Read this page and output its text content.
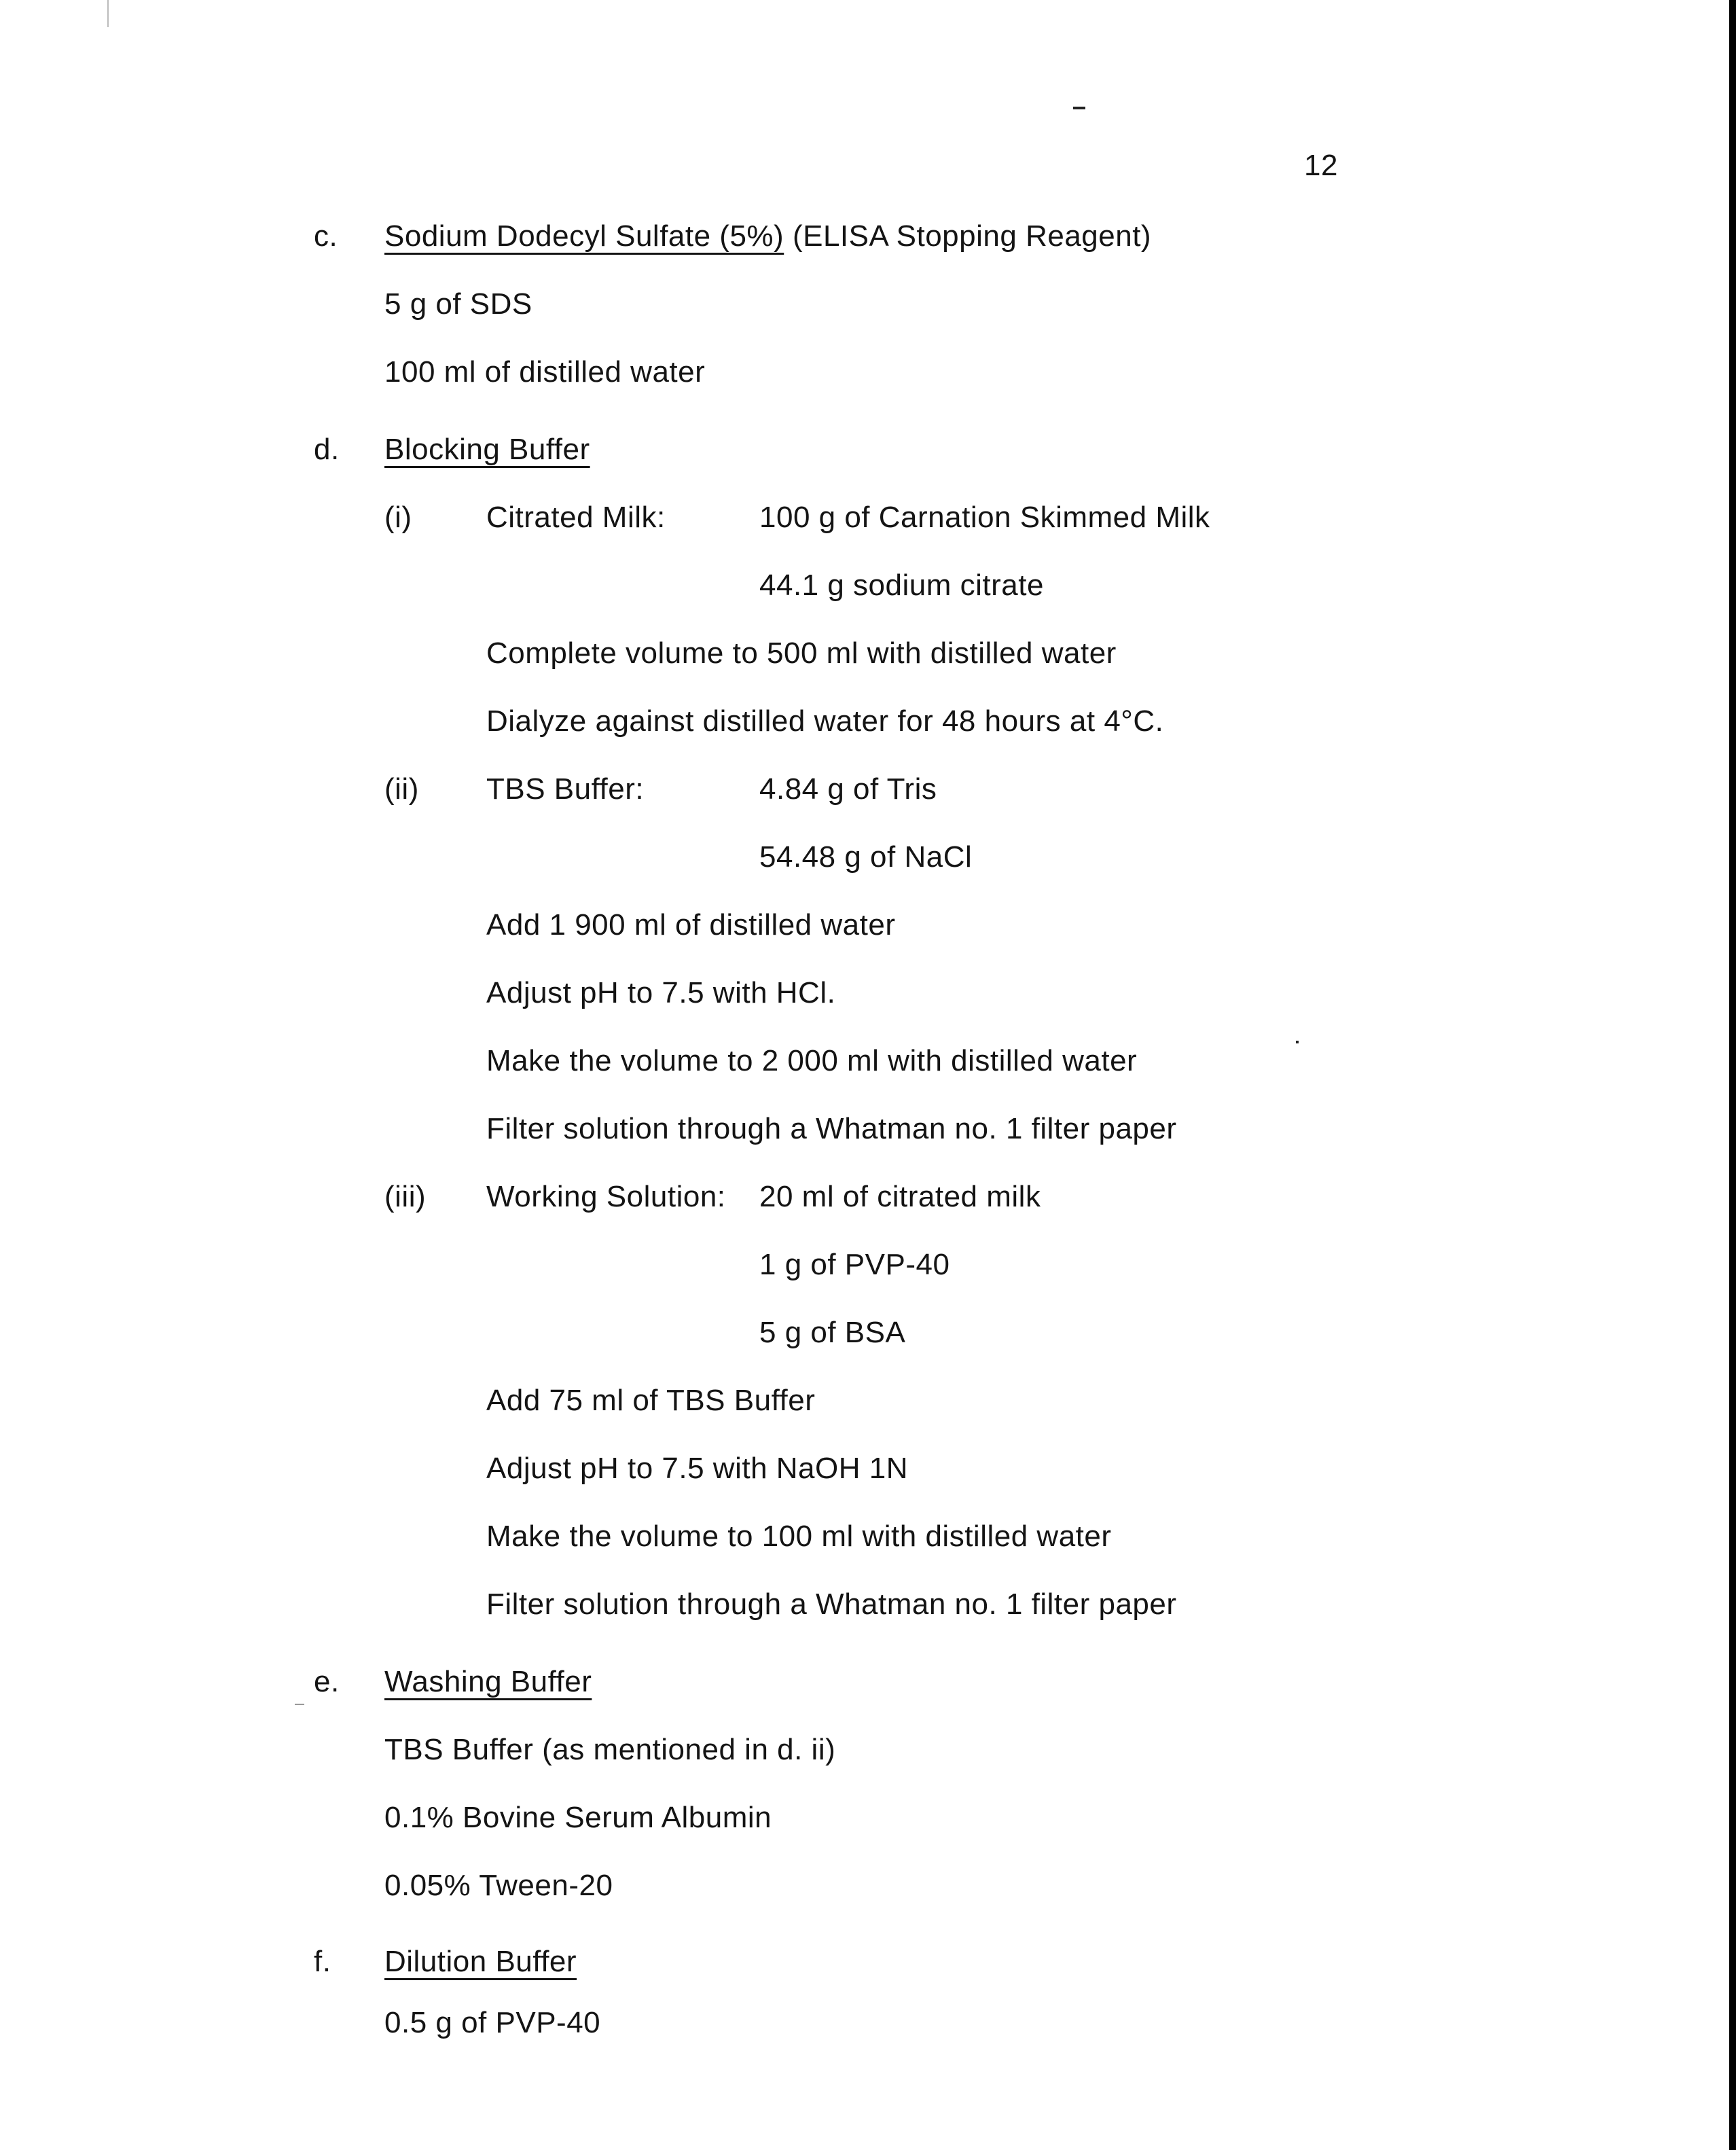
12
c. Sodium Dodecyl Sulfate (5%) (ELISA Stopping Reagent)
5 g of SDS
100 ml of distilled water
d. Blocking Buffer
(i) Citrated Milk:	100 g of Carnation Skimmed Milk
44.1 g sodium citrate
Complete volume to 500 ml with distilled water
Dialyze against distilled water for 48 hours at 4°C.
(ii) TBS Buffer:	4.84 g of Tris
54.48 g of NaCl
Add 1 900 ml of distilled water
Adjust pH to 7.5 with HCl.
Make the volume to 2 000 ml with distilled water
Filter solution through a Whatman no. 1 filter paper
(iii) Working Solution: 20 ml of citrated milk
1 g of PVP-40
5 g of BSA
Add 75 ml of TBS Buffer
Adjust pH to 7.5 with NaOH 1N
Make the volume to 100 ml with distilled water
Filter solution through a Whatman no. 1 filter paper
e. Washing Buffer
TBS Buffer (as mentioned in d. ii)
0.1% Bovine Serum Albumin
0.05% Tween-20
f. Dilution Buffer
0.5 g of PVP-40
